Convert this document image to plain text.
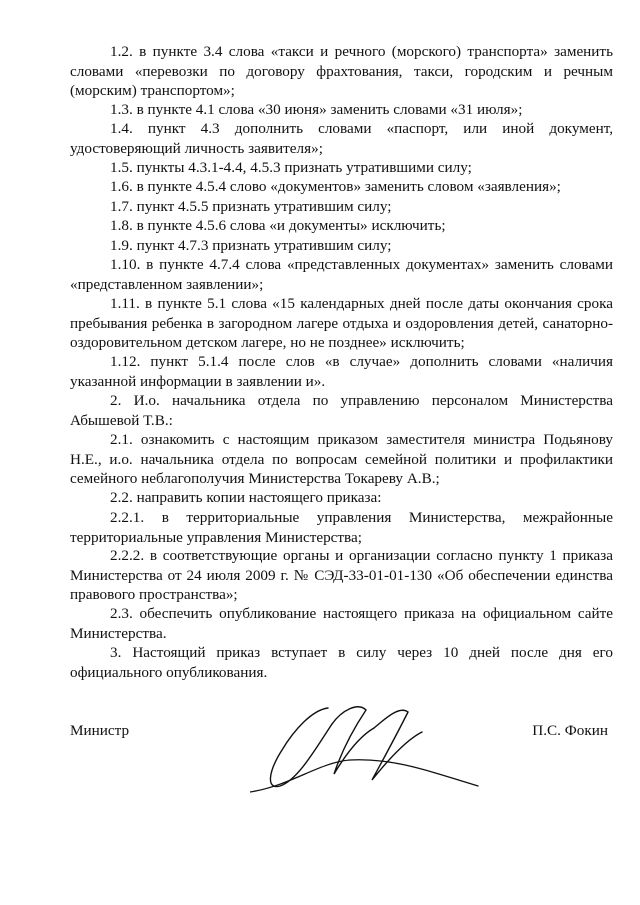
1.2. в пункте 3.4 слова «такси и речного (морского) транспорта» заменить словами «перевозки по договору фрахтования, такси, городским и речным (морским) транспортом»;

1.3. в пункте 4.1 слова «30 июня» заменить словами «31 июля»;

1.4. пункт 4.3 дополнить словами «паспорт, или иной документ, удостоверяющий личность заявителя»;

1.5. пункты 4.3.1-4.4, 4.5.3 признать утратившими силу;

1.6. в пункте 4.5.4 слово «документов» заменить словом «заявления»;

1.7. пункт 4.5.5 признать утратившим силу;

1.8. в пункте 4.5.6 слова «и документы» исключить;

1.9. пункт 4.7.3 признать утратившим силу;

1.10. в пункте 4.7.4 слова «представленных документах» заменить словами «представленном заявлении»;

1.11. в пункте 5.1 слова «15 календарных дней после даты окончания срока пребывания ребенка в загородном лагере отдыха и оздоровления детей, санаторно-оздоровительном детском лагере, но не позднее» исключить;

1.12. пункт 5.1.4 после слов «в случае» дополнить словами «наличия указанной информации в заявлении и».

2. И.о. начальника отдела по управлению персоналом Министерства Абышевой Т.В.:

2.1. ознакомить с настоящим приказом заместителя министра Подьянову Н.Е., и.о. начальника отдела по вопросам семейной политики и профилактики семейного неблагополучия Министерства Токареву А.В.;

2.2. направить копии настоящего приказа:

2.2.1. в территориальные управления Министерства, межрайонные территориальные управления Министерства;

2.2.2. в соответствующие органы и организации согласно пункту 1 приказа Министерства от 24 июля 2009 г. № СЭД-33-01-01-130 «Об обеспечении единства правового пространства»;

2.3. обеспечить опубликование настоящего приказа на официальном сайте Министерства.

3. Настоящий приказ вступает в силу через 10 дней после дня его официального опубликования.

Министр	П.С. Фокин
